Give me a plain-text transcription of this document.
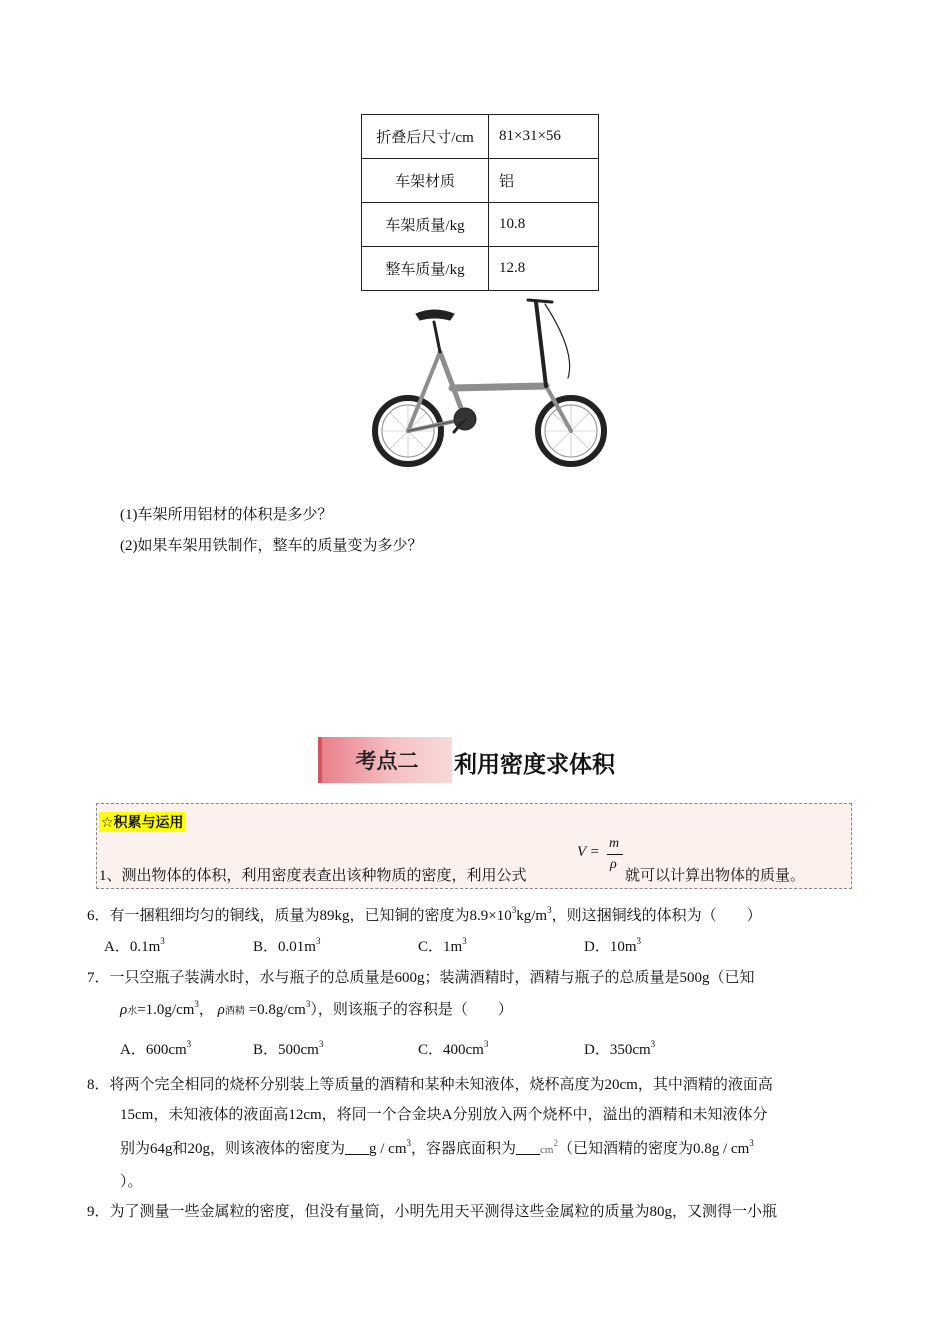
折叠后尺寸/cm	81×31×56
车架材质	铝
车架质量/kg	10.8
整车质量/kg	12.8
(1)车架所用铝材的体积是多少？
(2)如果车架用铁制作，整车的质量变为多少？
考点二	利用密度求体积
☆积累与运用
1、测出物体的体积，利用密度表查出该种物质的密度，利用公式
V =
m
ρ
就可以计算出物体的质量。
6．有一捆粗细均匀的铜线，质量为89kg，已知铜的密度为$8.9\times 10^3kg/m^3$，则这捆铜线的体积为（　　）
A．$0.1m^3$	B．$0.01m^3$	C．$1m^3$	D．$10m^3$
7．一只空瓶子装满水时，水与瓶子的总质量是600g；装满酒精时，酒精与瓶子的总质量是500g（已知
ρ水$=1.0g/cm^3$， ρ酒精 $=0.8g/cm^3$），则该瓶子的容积是（　　）
A．$600cm^3$	B．$500cm^3$	C．$400cm^3$	D．$350cm^3$
8．将两个完全相同的烧杯分别装上等质量的酒精和某种未知液体，烧杯高度为20cm，其中酒精的液面高
15cm，未知液体的液面高12cm，将同一个合金块A分别放入两个烧杯中，溢出的酒精和未知液体分
别为64g和20g，则该液体的密度为 g / $cm^3$，容器底面积为 $cm^2$（已知酒精的密度为$0.8g / cm^3$
）。
9．为了测量一些金属粒的密度，但没有量筒，小明先用天平测得这些金属粒的质量为80g，又测得一小瓶
